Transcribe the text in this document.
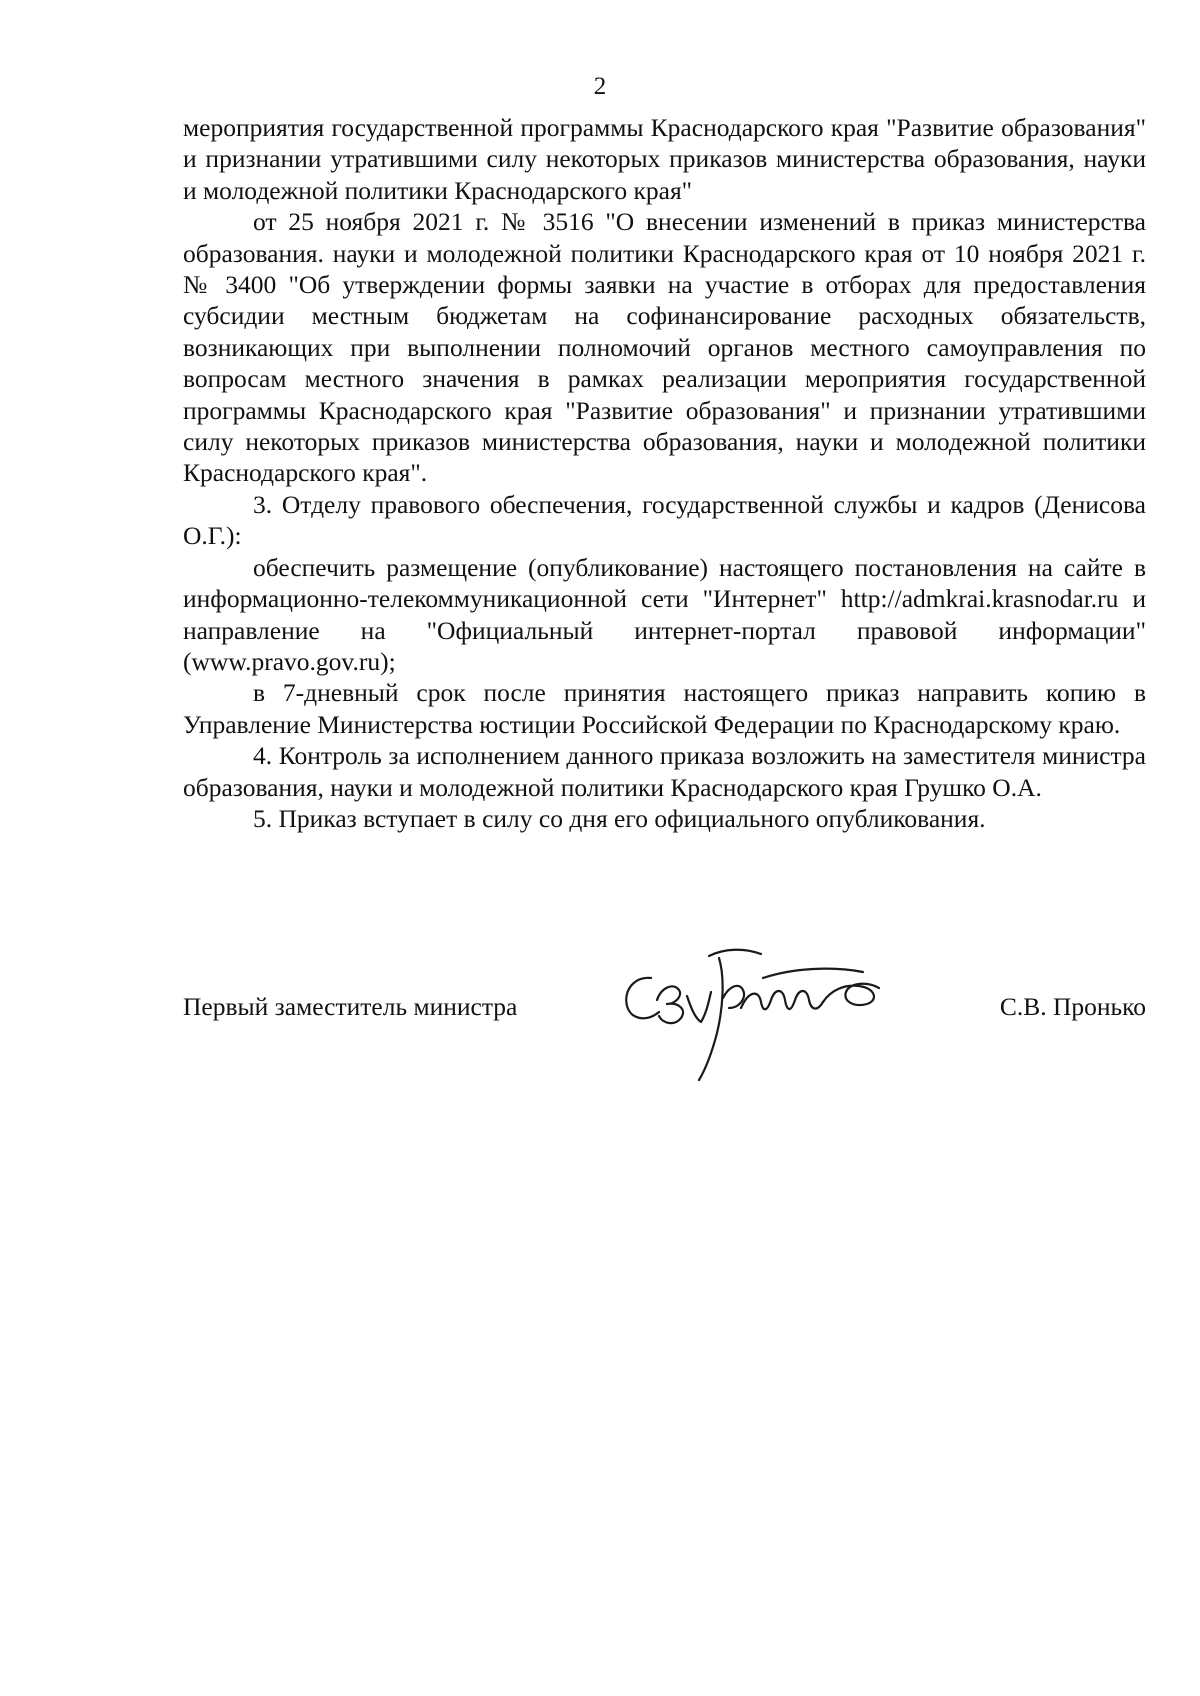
2

мероприятия государственной программы Краснодарского края "Развитие образования" и признании утратившими силу некоторых приказов министерства образования, науки и молодежной политики Краснодарского края"

от 25 ноября 2021 г. № 3516 "О внесении изменений в приказ министерства образования. науки и молодежной политики Краснодарского края от 10 ноября 2021 г. № 3400 "Об утверждении формы заявки на участие в отборах для предоставления субсидии местным бюджетам на софинансирование расходных обязательств, возникающих при выполнении полномочий органов местного самоуправления по вопросам местного значения в рамках реализации мероприятия государственной программы Краснодарского края "Развитие образования" и признании утратившими силу некоторых приказов министерства образования, науки и молодежной политики Краснодарского края".

3. Отделу правового обеспечения, государственной службы и кадров (Денисова О.Г.):

обеспечить размещение (опубликование) настоящего постановления на сайте в информационно-телекоммуникационной сети "Интернет" http://admkrai.krasnodar.ru и направление на "Официальный интернет-портал правовой информации" (www.pravo.gov.ru);

в 7-дневный срок после принятия настоящего приказ направить копию в Управление Министерства юстиции Российской Федерации по Краснодарскому краю.

4. Контроль за исполнением данного приказа возложить на заместителя министра образования, науки и молодежной политики Краснодарского края Грушко О.А.

5. Приказ вступает в силу со дня его официального опубликования.

Первый заместитель министра	С.В. Пронько
